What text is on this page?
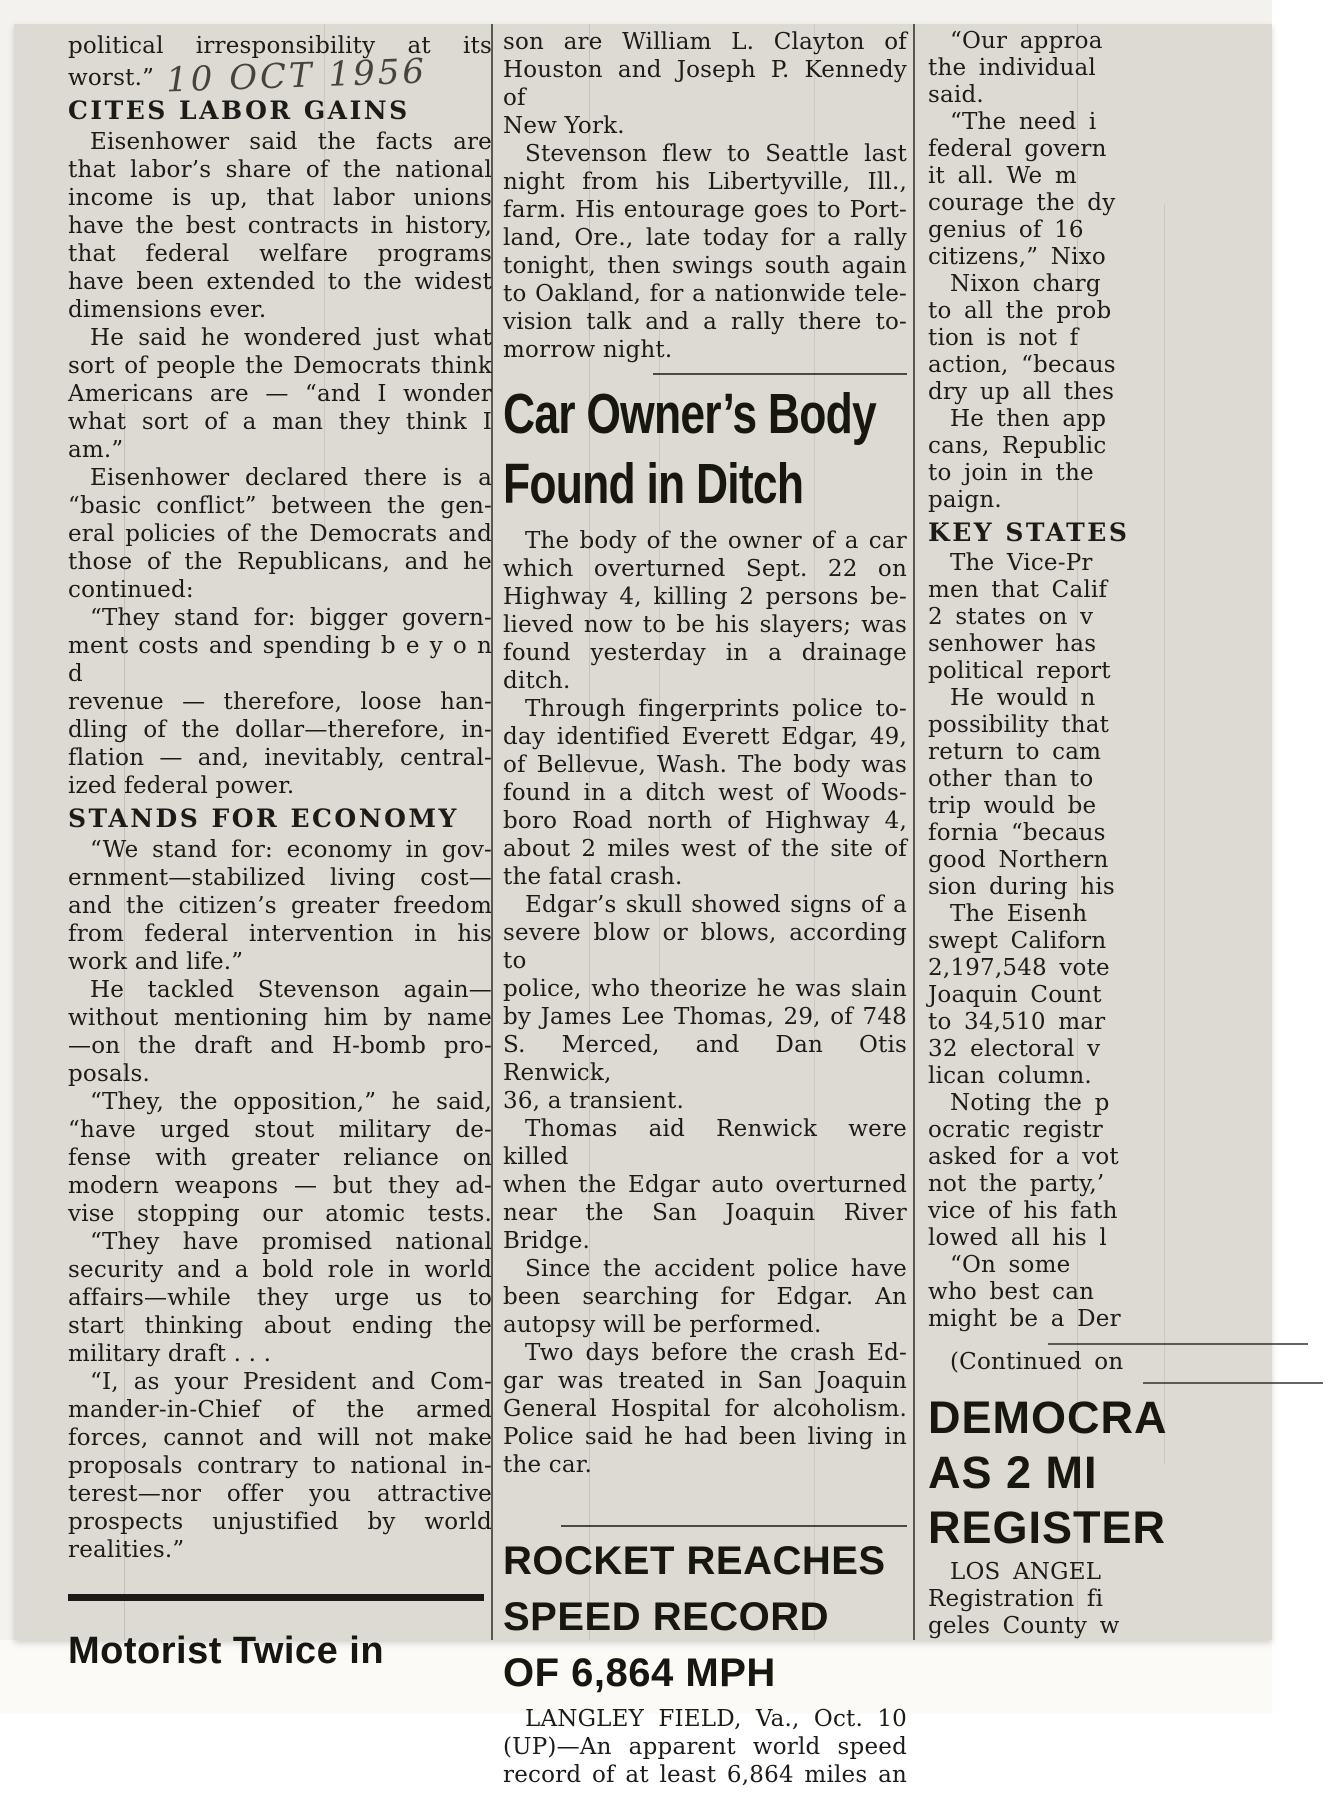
political irresponsibility at its
worst.” 10 OCT 1956
CITES LABOR GAINS
Eisenhower said the facts are
that labor’s share of the national
income is up, that labor unions
have the best contracts in history,
that federal welfare programs
have been extended to the widest
dimensions ever.
He said he wondered just what
sort of people the Democrats think
Americans are — “and I wonder
what sort of a man they think I
am.”
Eisenhower declared there is a
“basic conflict” between the gen-
eral policies of the Democrats and
those of the Republicans, and he
continued:
“They stand for: bigger govern-
ment costs and spending b e y o n d
revenue — therefore, loose han-
dling of the dollar—therefore, in-
flation — and, inevitably, central-
ized federal power.
STANDS FOR ECONOMY
“We stand for: economy in gov-
ernment—stabilized living cost—
and the citizen’s greater freedom
from federal intervention in his
work and life.”
He tackled Stevenson again—
without mentioning him by name
—on the draft and H-bomb pro-
posals.
“They, the opposition,” he said,
“have urged stout military de-
fense with greater reliance on
modern weapons — but they ad-
vise stopping our atomic tests.
“They have promised national
security and a bold role in world
affairs—while they urge us to
start thinking about ending the
military draft . . .
“I, as your President and Com-
mander-in-Chief of the armed
forces, cannot and will not make
proposals contrary to national in-
terest—nor offer you attractive
prospects unjustified by world
realities.”
Motorist Twice in
son are William L. Clayton of
Houston and Joseph P. Kennedy of
New York.
Stevenson flew to Seattle last
night from his Libertyville, Ill.,
farm. His entourage goes to Port-
land, Ore., late today for a rally
tonight, then swings south again
to Oakland, for a nationwide tele-
vision talk and a rally there to-
morrow night.
Car Owner’s Body
Found in Ditch
The body of the owner of a car
which overturned Sept. 22 on
Highway 4, killing 2 persons be-
lieved now to be his slayers; was
found yesterday in a drainage
ditch.
Through fingerprints police to-
day identified Everett Edgar, 49,
of Bellevue, Wash. The body was
found in a ditch west of Woods-
boro Road north of Highway 4,
about 2 miles west of the site of
the fatal crash.
Edgar’s skull showed signs of a
severe blow or blows, according to
police, who theorize he was slain
by James Lee Thomas, 29, of 748
S. Merced, and Dan Otis Renwick,
36, a transient.
Thomas aid Renwick were killed
when the Edgar auto overturned
near the San Joaquin River
Bridge.
Since the accident police have
been searching for Edgar. An
autopsy will be performed.
Two days before the crash Ed-
gar was treated in San Joaquin
General Hospital for alcoholism.
Police said he had been living in
the car.
ROCKET REACHES
SPEED RECORD
OF 6,864 MPH
LANGLEY FIELD, Va., Oct. 10
(UP)—An apparent world speed
record of at least 6,864 miles an
“Our approa
the individual
said.
“The need i
federal govern
it all. We m
courage the dy
genius of 16
citizens,” Nixo
Nixon charg
to all the prob
tion is not f
action, “becaus
dry up all thes
He then app
cans, Republic
to join in the
paign.
KEY STATES
The Vice-Pr
men that Calif
2 states on v
senhower has
political report
He would n
possibility that
return to cam
other than to
trip would be
fornia “becaus
good Northern
sion during his
The Eisenh
swept Californ
2,197,548 vote
Joaquin Count
to 34,510 mar
32 electoral v
lican column.
Noting the p
ocratic registr
asked for a vot
not the party,’
vice of his fath
lowed all his l
“On some
who best can
might be a Der
(Continued on
DEMOCRA
AS 2 MI
REGISTER
LOS ANGEL
Registration fi
geles County w
